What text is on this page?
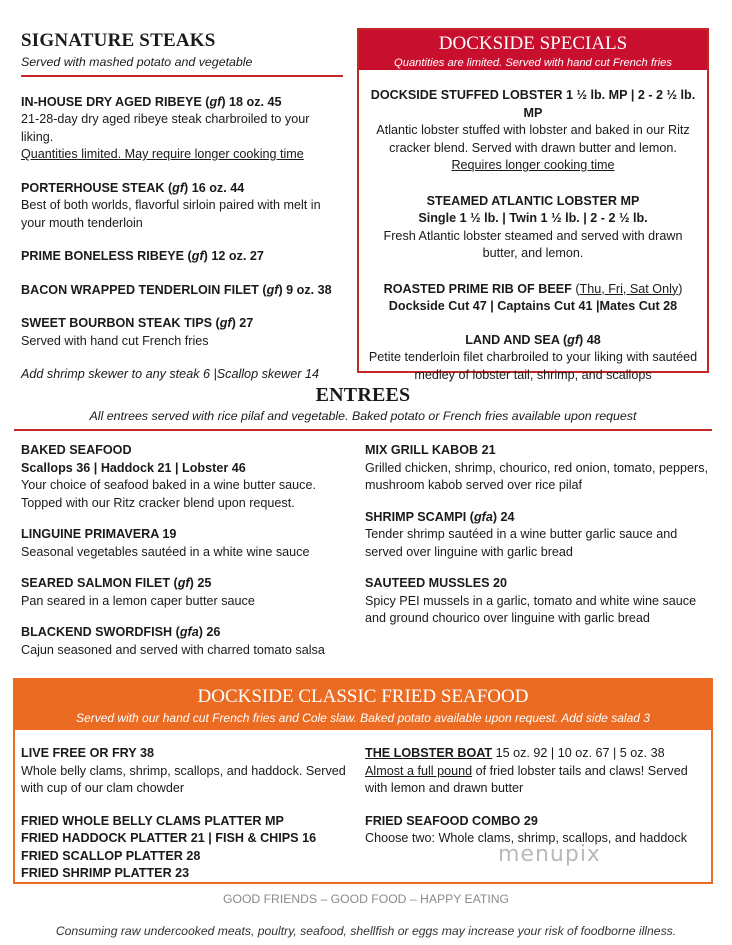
SIGNATURE STEAKS
Served with mashed potato and vegetable

IN-HOUSE DRY AGED RIBEYE (gf) 18 oz. 45

21-28-day dry aged ribeye steak charbroiled to your liking.

Quantities limited. May require longer cooking time

PORTERHOUSE STEAK (gf) 16 oz. 44

Best of both worlds, flavorful sirloin paired with melt in your mouth tenderloin

PRIME BONELESS RIBEYE (gf) 12 oz. 27

BACON WRAPPED TENDERLOIN FILET (gf) 9 oz. 38

SWEET BOURBON STEAK TIPS (gf) 27

Served with hand cut French fries

Add shrimp skewer to any steak 6 |Scallop skewer 14
DOCKSIDE SPECIALS
Quantities are limited. Served with hand cut French fries

DOCKSIDE STUFFED LOBSTER 1 ½ lb. MP | 2 - 2 ½ lb. MP

Atlantic lobster stuffed with lobster and baked in our Ritz cracker blend. Served with drawn butter and lemon.

Requires longer cooking time

STEAMED ATLANTIC LOBSTER MP

Single 1 ½ lb. | Twin 1 ½ lb. | 2 - 2 ½ lb.

Fresh Atlantic lobster steamed and served with drawn butter, and lemon.

ROASTED PRIME RIB OF BEEF (Thu, Fri, Sat Only)

Dockside Cut 47 | Captains Cut 41 |Mates Cut 28

LAND AND SEA (gf) 48

Petite tenderloin filet charbroiled to your liking with sautéed medley of lobster tail, shrimp, and scallops

ENTREES
All entrees served with rice pilaf and vegetable. Baked potato or French fries available upon request

BAKED SEAFOOD

Scallops 36 | Haddock 21 | Lobster 46

Your choice of seafood baked in a wine butter sauce. Topped with our Ritz cracker blend upon request.

LINGUINE PRIMAVERA 19

Seasonal vegetables sautéed in a white wine sauce

SEARED SALMON FILET (gf) 25

Pan seared in a lemon caper butter sauce

BLACKEND SWORDFISH (gfa) 26

Cajun seasoned and served with charred tomato salsa

MIX GRILL KABOB 21

Grilled chicken, shrimp, chourico, red onion, tomato, peppers, mushroom kabob served over rice pilaf

SHRIMP SCAMPI (gfa) 24

Tender shrimp sautéed in a wine butter garlic sauce and served over linguine with garlic bread

SAUTEED MUSSLES 20

Spicy PEI mussels in a garlic, tomato and white wine sauce and ground chourico over linguine with garlic bread

DOCKSIDE CLASSIC FRIED SEAFOOD
Served with our hand cut French fries and Cole slaw. Baked potato available upon request. Add side salad 3

LIVE FREE OR FRY 38

Whole belly clams, shrimp, scallops, and haddock. Served with cup of our clam chowder

FRIED WHOLE BELLY CLAMS PLATTER MP

FRIED HADDOCK PLATTER 21 | FISH & CHIPS 16

FRIED SCALLOP PLATTER 28

FRIED SHRIMP PLATTER 23

THE LOBSTER BOAT 15 oz. 92 | 10 oz. 67 | 5 oz. 38

Almost a full pound of fried lobster tails and claws! Served with lemon and drawn butter

FRIED SEAFOOD COMBO 29

Choose two: Whole clams, shrimp, scallops, and haddock

menupix
GOOD FRIENDS – GOOD FOOD – HAPPY EATING
Consuming raw undercooked meats, poultry, seafood, shellfish or eggs may increase your risk of foodborne illness.
